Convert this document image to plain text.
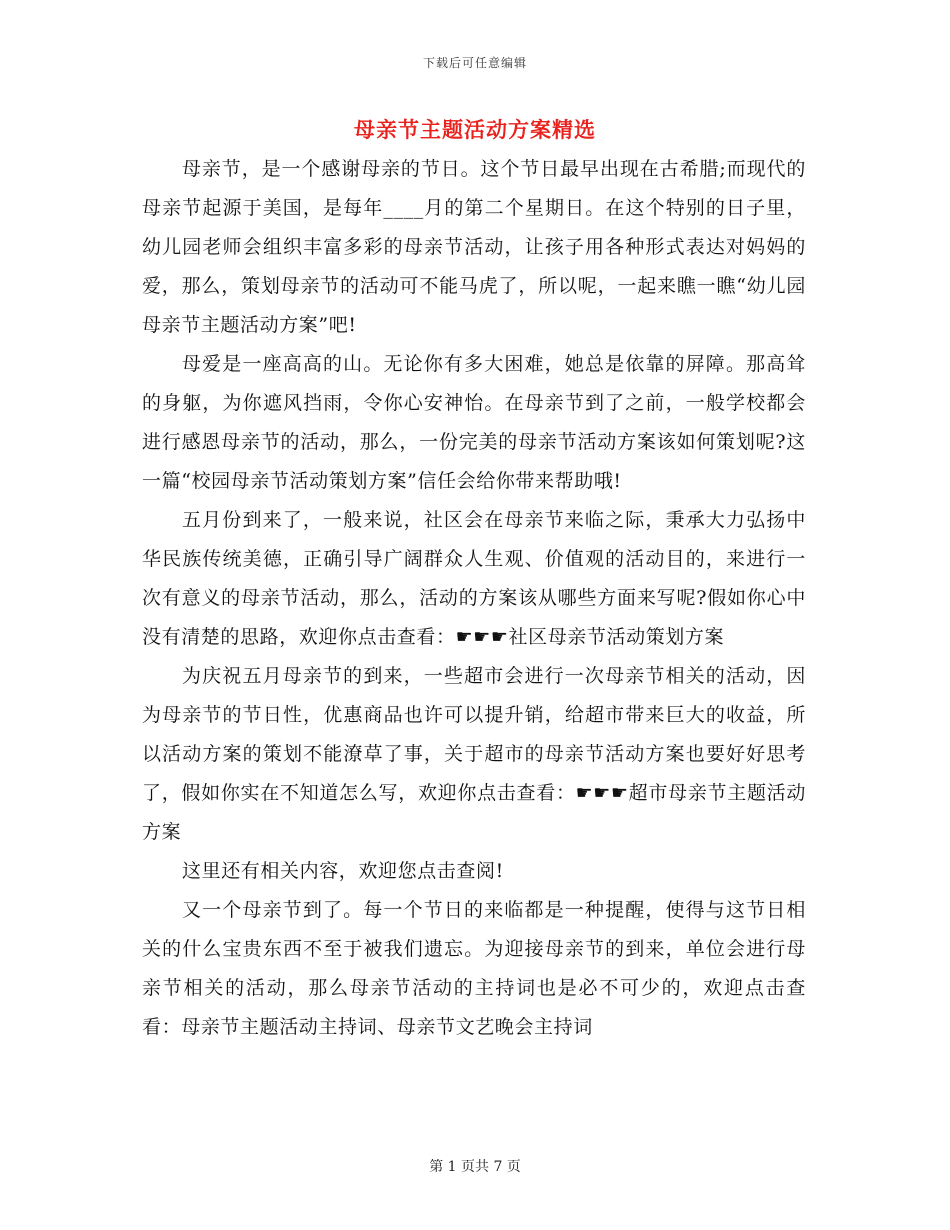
下载后可任意编辑
母亲节主题活动方案精选

母亲节，是一个感谢母亲的节日。这个节日最早出现在古希腊;而现代的母亲节起源于美国，是每年____月的第二个星期日。在这个特别的日子里，幼儿园老师会组织丰富多彩的母亲节活动，让孩子用各种形式表达对妈妈的爱，那么，策划母亲节的活动可不能马虎了，所以呢，一起来瞧一瞧“幼儿园母亲节主题活动方案”吧!

母爱是一座高高的山。无论你有多大困难，她总是依靠的屏障。那高耸的身躯，为你遮风挡雨，令你心安神怡。在母亲节到了之前，一般学校都会进行感恩母亲节的活动，那么，一份完美的母亲节活动方案该如何策划呢?这一篇“校园母亲节活动策划方案”信任会给你带来帮助哦!

五月份到来了，一般来说，社区会在母亲节来临之际，秉承大力弘扬中华民族传统美德，正确引导广阔群众人生观、价值观的活动目的，来进行一次有意义的母亲节活动，那么，活动的方案该从哪些方面来写呢?假如你心中没有清楚的思路，欢迎你点击查看：☛☛☛社区母亲节活动策划方案

为庆祝五月母亲节的到来，一些超市会进行一次母亲节相关的活动，因为母亲节的节日性，优惠商品也许可以提升销，给超市带来巨大的收益，所以活动方案的策划不能潦草了事，关于超市的母亲节活动方案也要好好思考了，假如你实在不知道怎么写，欢迎你点击查看：☛☛☛超市母亲节主题活动方案

这里还有相关内容，欢迎您点击查阅!

又一个母亲节到了。每一个节日的来临都是一种提醒，使得与这节日相关的什么宝贵东西不至于被我们遗忘。为迎接母亲节的到来，单位会进行母亲节相关的活动，那么母亲节活动的主持词也是必不可少的，欢迎点击查看：母亲节主题活动主持词、母亲节文艺晚会主持词

第 1 页共 7 页
